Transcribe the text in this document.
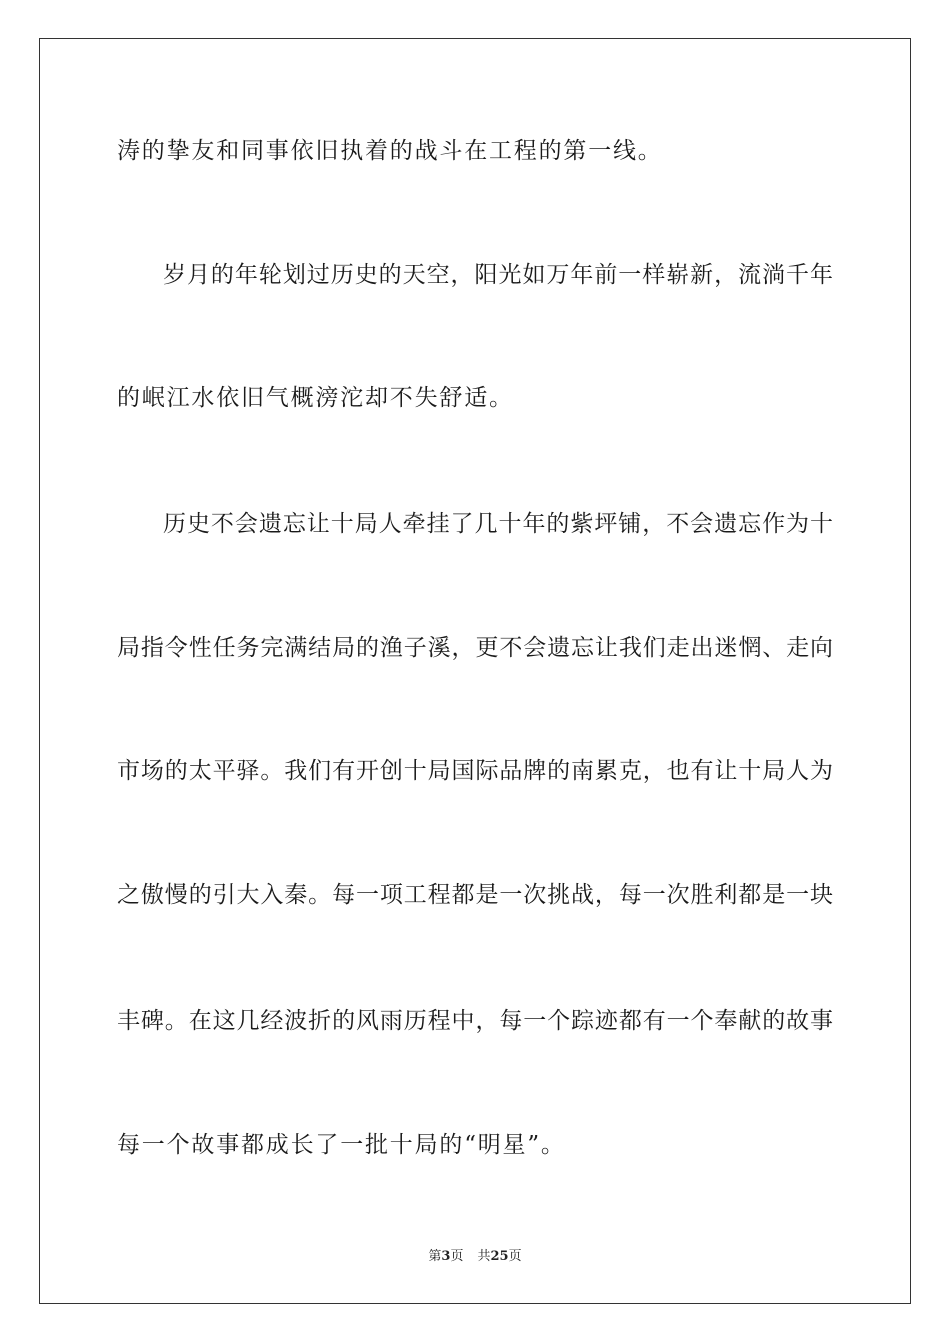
涛的挚友和同事依旧执着的战斗在工程的第一线。
岁月的年轮划过历史的天空，阳光如万年前一样崭新，流淌千年
的岷江水依旧气概滂沱却不失舒适。
历史不会遗忘让十局人牵挂了几十年的紫坪铺，不会遗忘作为十
局指令性任务完满结局的渔子溪，更不会遗忘让我们走出迷惘、走向
市场的太平驿。我们有开创十局国际品牌的南累克，也有让十局人为
之傲慢的引大入秦。每一项工程都是一次挑战，每一次胜利都是一块
丰碑。在这几经波折的风雨历程中，每一个踪迹都有一个奉献的故事
每一个故事都成长了一批十局的“明星”。
第3页 共25页
